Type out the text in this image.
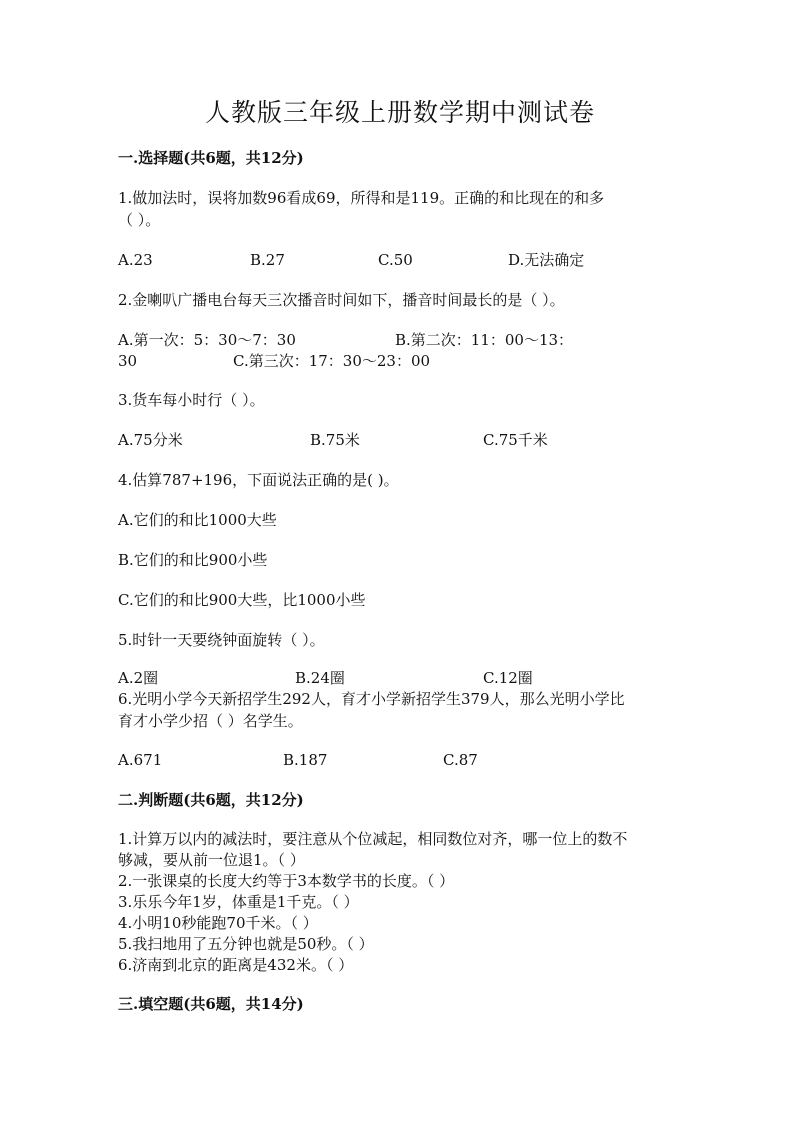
人教版三年级上册数学期中测试卷
一.选择题(共6题，共12分)
1.做加法时，误将加数96看成69，所得和是119。正确的和比现在的和多
（ ）。
A.23	B.27	C.50	D.无法确定
2.金喇叭广播电台每天三次播音时间如下，播音时间最长的是（ ）。
A.第一次：5：30～7：30	B.第二次：11：00～13：
30	C.第三次：17：30～23：00
3.货车每小时行（ ）。
A.75分米	B.75米	C.75千米
4.估算787+196，下面说法正确的是( )。
A.它们的和比1000大些
B.它们的和比900小些
C.它们的和比900大些，比1000小些
5.时针一天要绕钟面旋转（ ）。
A.2圈	B.24圈	C.12圈
6.光明小学今天新招学生292人，育才小学新招学生379人，那么光明小学比
育才小学少招（ ）名学生。
A.671	B.187	C.87
二.判断题(共6题，共12分)
1.计算万以内的减法时，要注意从个位减起，相同数位对齐，哪一位上的数不
够减，要从前一位退1。（ ）
2.一张课桌的长度大约等于3本数学书的长度。（ ）
3.乐乐今年1岁，体重是1千克。（ ）
4.小明10秒能跑70千米。（ ）
5.我扫地用了五分钟也就是50秒。（ ）
6.济南到北京的距离是432米。（ ）
三.填空题(共6题，共14分)
